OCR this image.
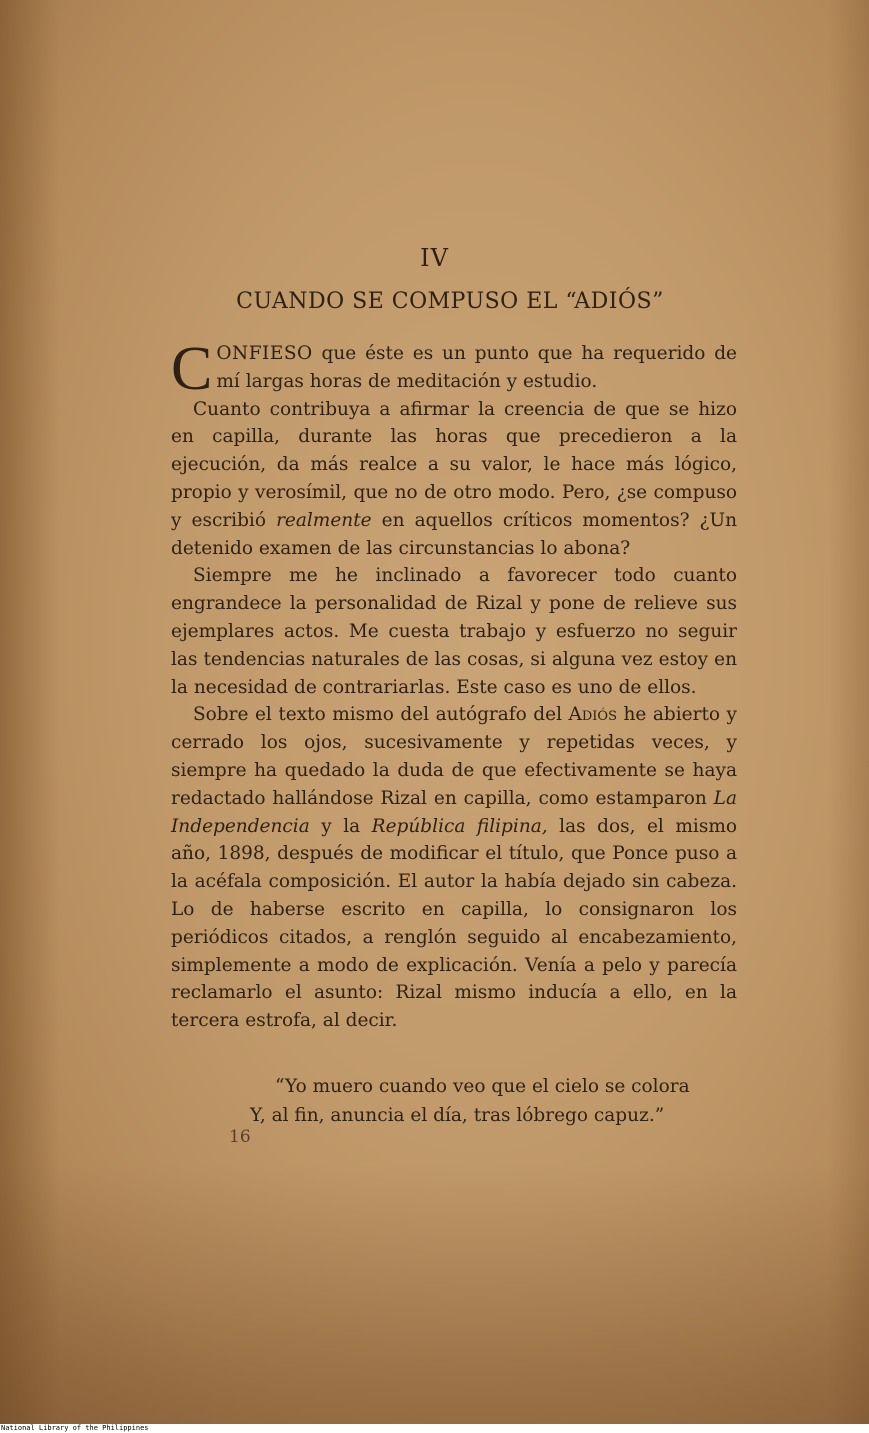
IV
CUANDO SE COMPUSO EL “ADIÓS”

CONFIESO que éste es un punto que ha requerido de mí largas horas de meditación y estudio.

Cuanto contribuya a afirmar la creencia de que se hizo en capilla, durante las horas que precedieron a la ejecución, da más realce a su valor, le hace más lógico, propio y verosímil, que no de otro modo. Pero, ¿se compuso y escribió realmente en aquellos críticos momentos? ¿Un detenido examen de las circunstancias lo abona?

Siempre me he inclinado a favorecer todo cuanto engrandece la personalidad de Rizal y pone de relieve sus ejemplares actos. Me cuesta trabajo y esfuerzo no seguir las tendencias naturales de las cosas, si alguna vez estoy en la necesidad de contrariarlas. Este caso es uno de ellos.

Sobre el texto mismo del autógrafo del Adiós he abierto y cerrado los ojos, sucesivamente y repetidas veces, y siempre ha quedado la duda de que efectivamente se haya redactado hallándose Rizal en capilla, como estamparon La Independencia y la República filipina, las dos, el mismo año, 1898, después de modificar el título, que Ponce puso a la acéfala composición. El autor la había dejado sin cabeza. Lo de haberse escrito en capilla, lo consignaron los periódicos citados, a renglón seguido al encabezamiento, simplemente a modo de explicación. Venía a pelo y parecía reclamarlo el asunto: Rizal mismo inducía a ello, en la tercera estrofa, al decir.

“Yo muero cuando veo que el cielo se colora
Y, al fin, anuncia el día, tras lóbrego capuz.”
16
National Library of the Philippines
